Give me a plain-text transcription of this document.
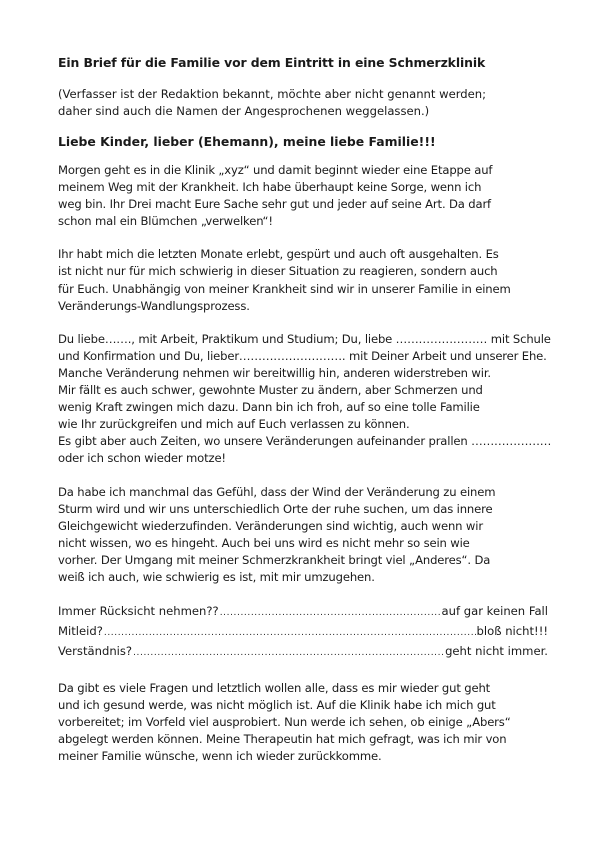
Ein Brief für die Familie vor dem Eintritt in eine Schmerzklinik
(Verfasser ist der Redaktion bekannt, möchte aber nicht genannt werden;
daher sind auch die Namen der Angesprochenen weggelassen.)
Liebe Kinder, lieber (Ehemann), meine liebe Familie!!!
Morgen geht es in die Klinik „xyz“ und damit beginnt wieder eine Etappe auf
meinem Weg mit der Krankheit. Ich habe überhaupt keine Sorge, wenn ich
weg bin. Ihr Drei macht Eure Sache sehr gut und jeder auf seine Art. Da darf
schon mal ein Blümchen „verwelken“!
Ihr habt mich die letzten Monate erlebt, gespürt und auch oft ausgehalten. Es
ist nicht nur für mich schwierig in dieser Situation zu reagieren, sondern auch
für Euch. Unabhängig von meiner Krankheit sind wir in unserer Familie in einem
Veränderungs-Wandlungsprozess.
Du liebe……., mit Arbeit, Praktikum und Studium; Du, liebe …………………… mit Schule
und Konfirmation und Du, lieber………………………. mit Deiner Arbeit und unserer Ehe.
Manche Veränderung nehmen wir bereitwillig hin, anderen widerstreben wir.
Mir fällt es auch schwer, gewohnte Muster zu ändern, aber Schmerzen und
wenig Kraft zwingen mich dazu. Dann bin ich froh, auf so eine tolle Familie
wie Ihr zurückgreifen und mich auf Euch verlassen zu können.
Es gibt aber auch Zeiten, wo unsere Veränderungen aufeinander prallen …………………
oder ich schon wieder motze!
Da habe ich manchmal das Gefühl, dass der Wind der Veränderung zu einem
Sturm wird und wir uns unterschiedlich Orte der ruhe suchen, um das innere
Gleichgewicht wiederzufinden. Veränderungen sind wichtig, auch wenn wir
nicht wissen, wo es hingeht. Auch bei uns wird es nicht mehr so sein wie
vorher. Der Umgang mit meiner Schmerzkrankheit bringt viel „Anderes“. Da
weiß ich auch, wie schwierig es ist, mit mir umzugehen.
Immer Rücksicht nehmen?? .....	auf gar keinen Fall
Mitleid? .....	bloß nicht!!!
Verständnis? .....	geht nicht immer.
Da gibt es viele Fragen und letztlich wollen alle, dass es mir wieder gut geht
und ich gesund werde, was nicht möglich ist. Auf die Klinik habe ich mich gut
vorbereitet; im Vorfeld viel ausprobiert. Nun werde ich sehen, ob einige „Abers“
abgelegt werden können. Meine Therapeutin hat mich gefragt, was ich mir von
meiner Familie wünsche, wenn ich wieder zurückkomme.
